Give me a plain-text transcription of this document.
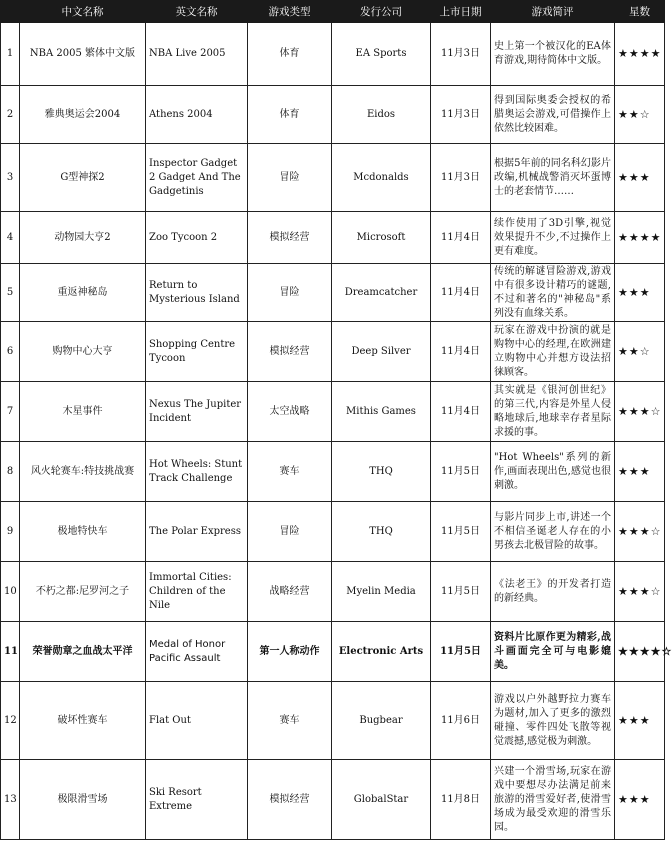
	中文名称	英文名称	游戏类型	发行公司	上市日期	游戏简评	星数
1	NBA 2005 繁体中文版	NBA Live 2005	体育	EA Sports	11月3日	史上第一个被汉化的EA体育游戏,期待简体中文版。	★★★★
2	雅典奥运会2004	Athens 2004	体育	Eidos	11月3日	得到国际奥委会授权的希腊奥运会游戏,可借操作上依然比较困难。	★★☆
3	G型神探2	Inspector Gadget 2 Gadget And The Gadgetinis	冒险	Mcdonalds	11月3日	根据5年前的同名科幻影片改编,机械战警消灭坏蛋博士的老套情节……	★★★
4	动物园大亨2	Zoo Tycoon 2	模拟经营	Microsoft	11月4日	续作使用了3D引擎,视觉效果提升不少,不过操作上更有难度。	★★★★
5	重返神秘岛	Return to Mysterious Island	冒险	Dreamcatcher	11月4日	传统的解谜冒险游戏,游戏中有很多设计精巧的谜题,不过和著名的"神秘岛"系列没有血缘关系。	★★★
6	购物中心大亨	Shopping Centre Tycoon	模拟经营	Deep Silver	11月4日	玩家在游戏中扮演的就是购物中心的经理,在欧洲建立购物中心并想方设法招徕顾客。	★★☆
7	木星事件	Nexus The Jupiter Incident	太空战略	Mithis Games	11月4日	其实就是《银河创世纪》的第三代,内容是外星人侵略地球后,地球幸存者星际求援的事。	★★★☆
8	风火轮赛车:特技挑战赛	Hot Wheels: Stunt Track Challenge	赛车	THQ	11月5日	"Hot Wheels"系列的新作,画面表现出色,感觉也很刺激。	★★★
9	极地特快车	The Polar Express	冒险	THQ	11月5日	与影片同步上市,讲述一个不相信圣诞老人存在的小男孩去北极冒险的故事。	★★★☆
10	不朽之都:尼罗河之子	Immortal Cities: Children of the Nile	战略经营	Myelin Media	11月5日	《法老王》的开发者打造的新经典。	★★★☆
11	荣誉勋章之血战太平洋	Medal of Honor Pacific Assault	第一人称动作	Electronic Arts	11月5日	资料片比原作更为精彩,战斗画面完全可与电影媲美。	★★★★☆
12	破坏性赛车	Flat Out	赛车	Bugbear	11月6日	游戏以户外越野拉力赛车为题材,加入了更多的激烈碰撞、零件四处飞散等视觉震撼,感觉极为刺激。	★★★
13	极限滑雪场	Ski Resort Extreme	模拟经营	GlobalStar	11月8日	兴建一个滑雪场,玩家在游戏中要想尽办法满足前来旅游的滑雪爱好者,使滑雪场成为最受欢迎的滑雪乐园。	★★★
